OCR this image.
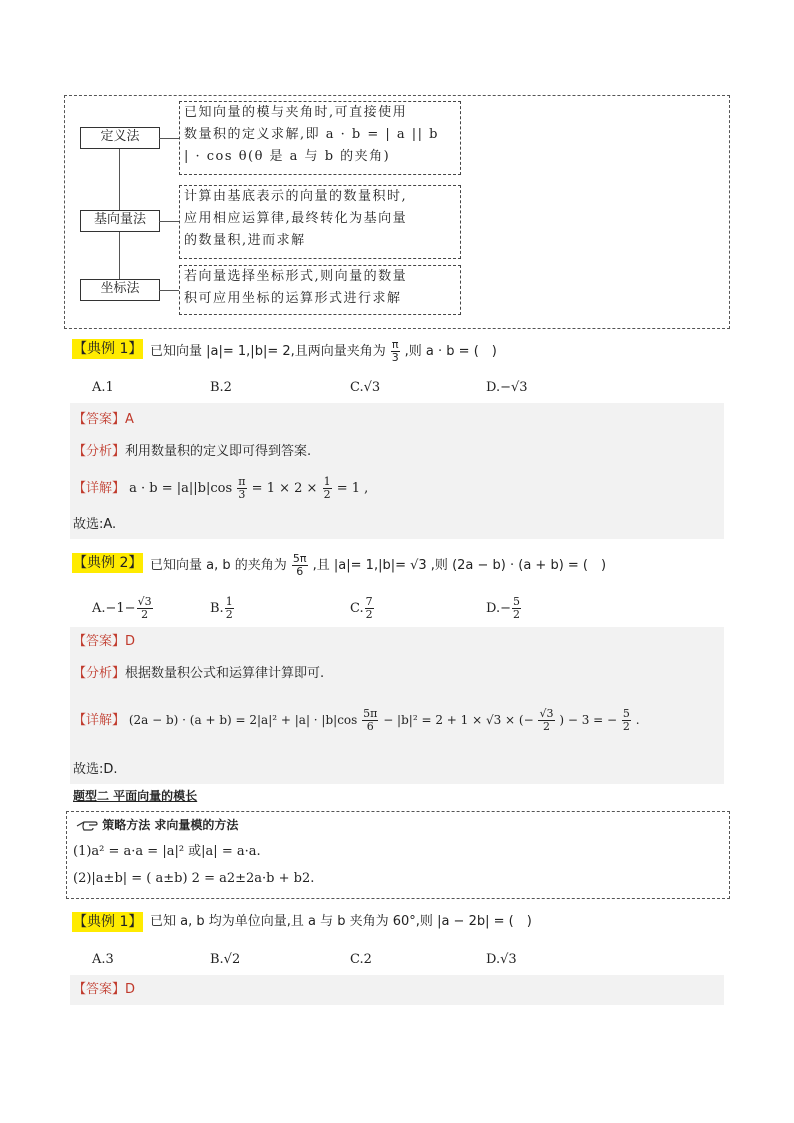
定义法
基向量法
坐标法
已知向量的模与夹角时,可直接使用
数量积的定义求解,即 a · b = | a || b
| · cos θ(θ 是 a 与 b 的夹角)
计算由基底表示的向量的数量积时,
应用相应运算律,最终转化为基向量
的数量积,进而求解
若向量选择坐标形式,则向量的数量
积可应用坐标的运算形式进行求解
【典例 1】 已知向量 |a|= 1,|b|= 2,且两向量夹角为 $\frac{\pi}{3}$ ,则 a · b = (　)
A.1	B.2	C.√3	D.−√3
【答案】A
【分析】利用数量积的定义即可得到答案.
【详解】 $a \cdot b = |a||b|\cos \frac{\pi}{3} = 1 \times 2 \times \frac{1}{2} = 1$ ,
故选:A.
【典例 2】 已知向量 a, b 的夹角为 $\frac{5\pi}{6}$ ,且 |a|= 1,|b|= √3 ,则 (2a − b) · (a + b) = (　)
$A.-1- \frac{√3}{2}$	B. $\frac{1}{2}$	C. $\frac{7}{2}$	$D.- \frac{5}{2}$
【答案】D
【分析】根据数量积公式和运算律计算即可.
【详解】 $(2a - b) \cdot (a + b) = 2|a|^2 + |a| \cdot |b|\cos \frac{5\pi}{6} - |b|^2 = 2 + 1 \times √3$ × (− $\frac{√3}{2}$ ) − 3 = − $\frac{5}{2}$ .
故选:D.
题型二 平面向量的模长
策略方法 求向量模的方法
(1)a² = a·a = |a|² 或|a| = a·a.
(2)|a±b| = ( a±b) 2 = a2±2a·b + b2.
【典例 1】 已知 a, b 均为单位向量,且 a 与 b 夹角为 60°,则 |a − 2b| = (　)
A.3	B.√2	C.2	D.√3
【答案】D
